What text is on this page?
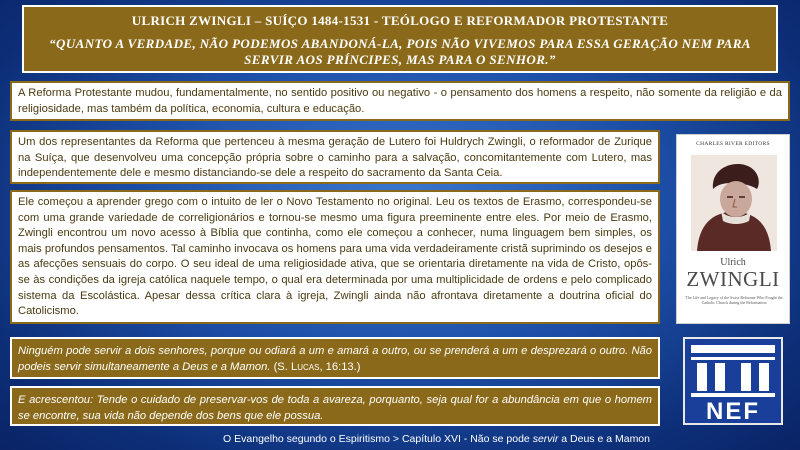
ULRICH ZWINGLI – SUÍÇO 1484-1531 - TEÓLOGO E REFORMADOR PROTESTANTE
“QUANTO A VERDADE, NÃO PODEMOS ABANDONÁ-LA, POIS NÃO VIVEMOS PARA ESSA GERAÇÃO NEM PARA SERVIR AOS PRÍNCIPES, MAS PARA O SENHOR.”
A Reforma Protestante mudou, fundamentalmente, no sentido positivo ou negativo - o pensamento dos homens a respeito, não somente da religião e da religiosidade, mas também da política, economia, cultura e educação.
Um dos representantes da Reforma que pertenceu à mesma geração de Lutero foi Huldrych Zwingli, o reformador de Zurique na Suíça, que desenvolveu uma concepção própria sobre o caminho para a salvação, concomitantemente com Lutero, mas independentemente dele e mesmo distanciando-se dele a respeito do sacramento da Santa Ceia.
Ele começou a aprender grego com o intuito de ler o Novo Testamento no original. Leu os textos de Erasmo, correspondeu-se com uma grande variedade de correligionários e tornou-se mesmo uma figura preeminente entre eles. Por meio de Erasmo, Zwingli encontrou um novo acesso à Bíblia que continha, como ele começou a conhecer, numa linguagem bem simples, os mais profundos pensamentos. Tal caminho invocava os homens para uma vida verdadeiramente cristã suprimindo os desejos e as afecções sensuais do corpo. O seu ideal de uma religiosidade ativa, que se orientaria diretamente na vida de Cristo, opôs-se às condições da igreja católica naquele tempo, o qual era determinada por uma multiplicidade de ordens e pelo complicado sistema da Escolástica. Apesar dessa crítica clara à igreja, Zwingli ainda não afrontava diretamente a doutrina oficial do Catolicismo.
CHARLES RIVER EDITORS
Ulrich
ZWINGLI
The Life and Legacy of the Swiss Reformer Who Fought the Catholic Church during the Reformation
Ninguém pode servir a dois senhores, porque ou odiará a um e amará a outro, ou se prenderá a um e desprezará o outro. Não podeis servir simultaneamente a Deus e a Mamon. (S. LUCAS, 16:13.)
E acrescentou: Tende o cuidado de preservar-vos de toda a avareza, porquanto, seja qual for a abundância em que o homem se encontre, sua vida não depende dos bens que ele possua.	NEF
O Evangelho segundo o Espiritismo > Capítulo XVI - Não se pode servir a Deus e a Mamon
